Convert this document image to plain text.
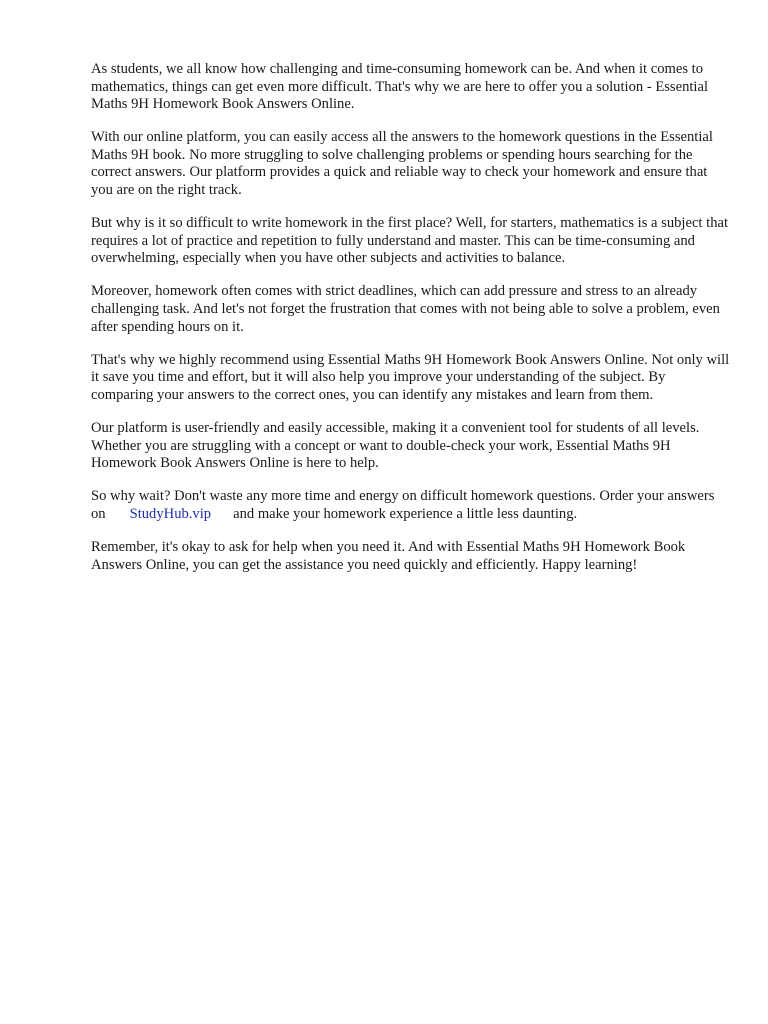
As students, we all know how challenging and time-consuming homework can be. And when it comes to mathematics, things can get even more difficult. That's why we are here to offer you a solution - Essential Maths 9H Homework Book Answers Online.

With our online platform, you can easily access all the answers to the homework questions in the Essential Maths 9H book. No more struggling to solve challenging problems or spending hours searching for the correct answers. Our platform provides a quick and reliable way to check your homework and ensure that you are on the right track.

But why is it so difficult to write homework in the first place? Well, for starters, mathematics is a subject that requires a lot of practice and repetition to fully understand and master. This can be time-consuming and overwhelming, especially when you have other subjects and activities to balance.

Moreover, homework often comes with strict deadlines, which can add pressure and stress to an already challenging task. And let's not forget the frustration that comes with not being able to solve a problem, even after spending hours on it.

That's why we highly recommend using Essential Maths 9H Homework Book Answers Online. Not only will it save you time and effort, but it will also help you improve your understanding of the subject. By comparing your answers to the correct ones, you can identify any mistakes and learn from them.

Our platform is user-friendly and easily accessible, making it a convenient tool for students of all levels. Whether you are struggling with a concept or want to double-check your work, Essential Maths 9H Homework Book Answers Online is here to help.

So why wait? Don't waste any more time and energy on difficult homework questions. Order your answers on StudyHub.vip and make your homework experience a little less daunting.

Remember, it's okay to ask for help when you need it. And with Essential Maths 9H Homework Book Answers Online, you can get the assistance you need quickly and efficiently. Happy learning!
